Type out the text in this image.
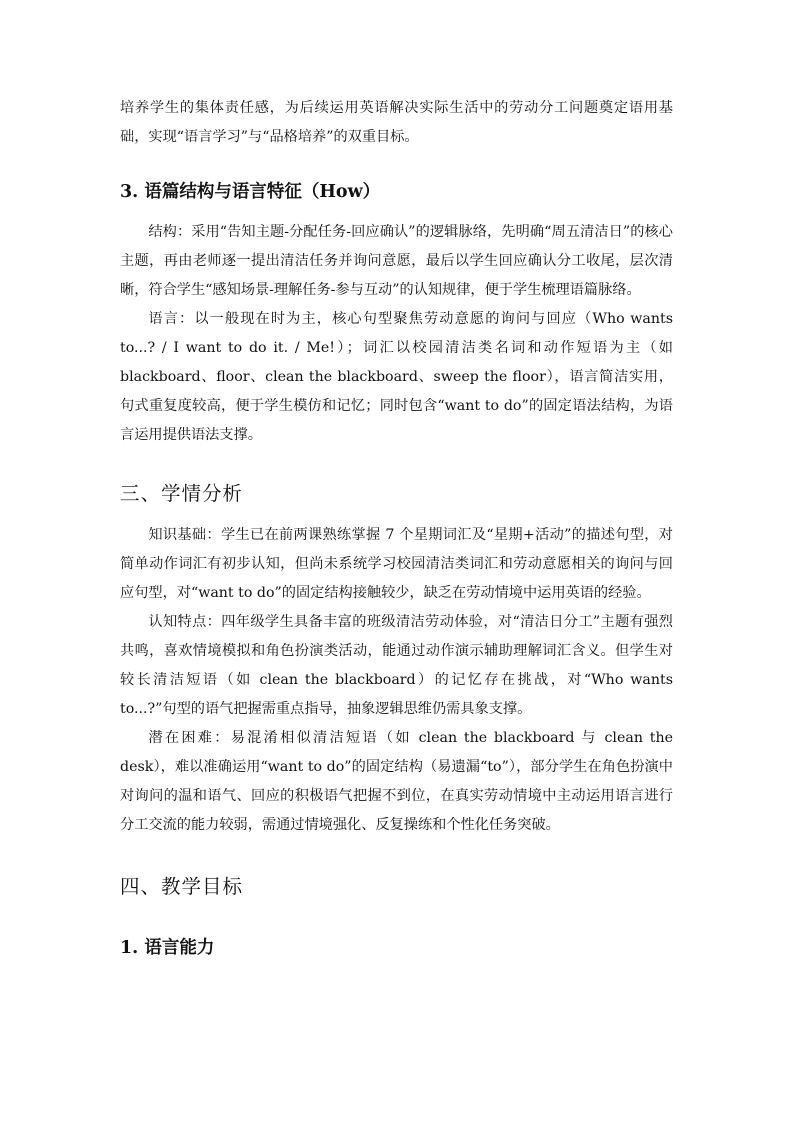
培养学生的集体责任感，为后续运用英语解决实际生活中的劳动分工问题奠定语用基础，实现“语言学习”与“品格培养”的双重目标。

3. 语篇结构与语言特征（How）

结构：采用“告知主题-分配任务-回应确认”的逻辑脉络，先明确“周五清洁日”的核心主题，再由老师逐一提出清洁任务并询问意愿，最后以学生回应确认分工收尾，层次清晰，符合学生“感知场景-理解任务-参与互动”的认知规律，便于学生梳理语篇脉络。

语言：以一般现在时为主，核心句型聚焦劳动意愿的询问与回应（Who wants to...? / I want to do it. / Me!）；词汇以校园清洁类名词和动作短语为主（如 blackboard、floor、clean the blackboard、sweep the floor），语言简洁实用，句式重复度较高，便于学生模仿和记忆；同时包含“want to do”的固定语法结构，为语言运用提供语法支撑。

三、学情分析

知识基础：学生已在前两课熟练掌握 7 个星期词汇及“星期+活动”的描述句型，对简单动作词汇有初步认知，但尚未系统学习校园清洁类词汇和劳动意愿相关的询问与回应句型，对“want to do”的固定结构接触较少，缺乏在劳动情境中运用英语的经验。

认知特点：四年级学生具备丰富的班级清洁劳动体验，对“清洁日分工”主题有强烈共鸣，喜欢情境模拟和角色扮演类活动，能通过动作演示辅助理解词汇含义。但学生对较长清洁短语（如 clean the blackboard）的记忆存在挑战，对“Who wants to...?”句型的语气把握需重点指导，抽象逻辑思维仍需具象支撑。

潜在困难：易混淆相似清洁短语（如 clean the blackboard 与 clean the desk），难以准确运用“want to do”的固定结构（易遗漏“to”），部分学生在角色扮演中对询问的温和语气、回应的积极语气把握不到位，在真实劳动情境中主动运用语言进行分工交流的能力较弱，需通过情境强化、反复操练和个性化任务突破。

四、教学目标
1. 语言能力
